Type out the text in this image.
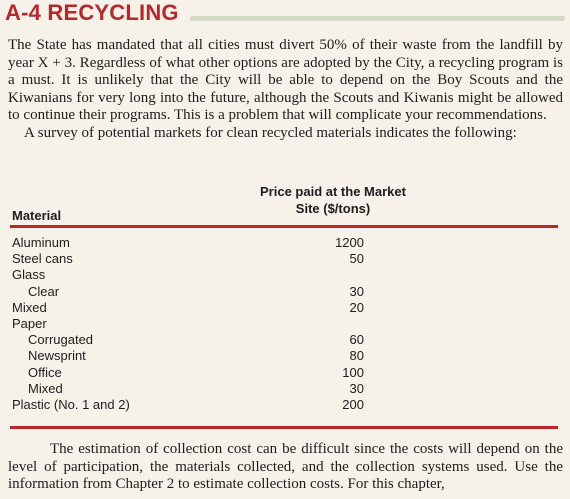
A-4 RECYCLING

The State has mandated that all cities must divert 50% of their waste from the landfill by year X + 3. Regardless of what other options are adopted by the City, a recycling program is a must. It is unlikely that the City will be able to depend on the Boy Scouts and the Kiwanians for very long into the future, although the Scouts and Kiwanis might be allowed to continue their programs. This is a problem that will complicate your recommendations.

A survey of potential markets for clean recycled materials indicates the following:

Price paid at the Market
Site ($/tons)
Material
Aluminum	1200
Steel cans	50
Glass
Clear	30
Mixed	20
Paper
Corrugated	60
Newsprint	80
Office	100
Mixed	30
Plastic (No. 1 and 2)	200

The estimation of collection cost can be difficult since the costs will depend on the level of participation, the materials collected, and the collection systems used. Use the information from Chapter 2 to estimate collection costs. For this chapter,
